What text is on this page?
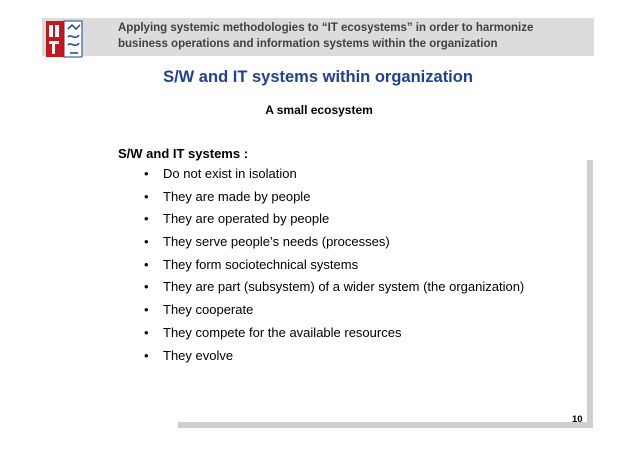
Applying systemic methodologies to “IT ecosystems” in order to harmonize
business operations and information systems within the organization
S/W and IT systems within organization
A small ecosystem
S/W and IT systems :
• Do not exist in isolation
• They are made by people
• They are operated by people
• They serve people’s needs (processes)
• They form sociotechnical systems
• They are part (subsystem) of a wider system (the organization)
• They cooperate
• They compete for the available resources
• They evolve
10
